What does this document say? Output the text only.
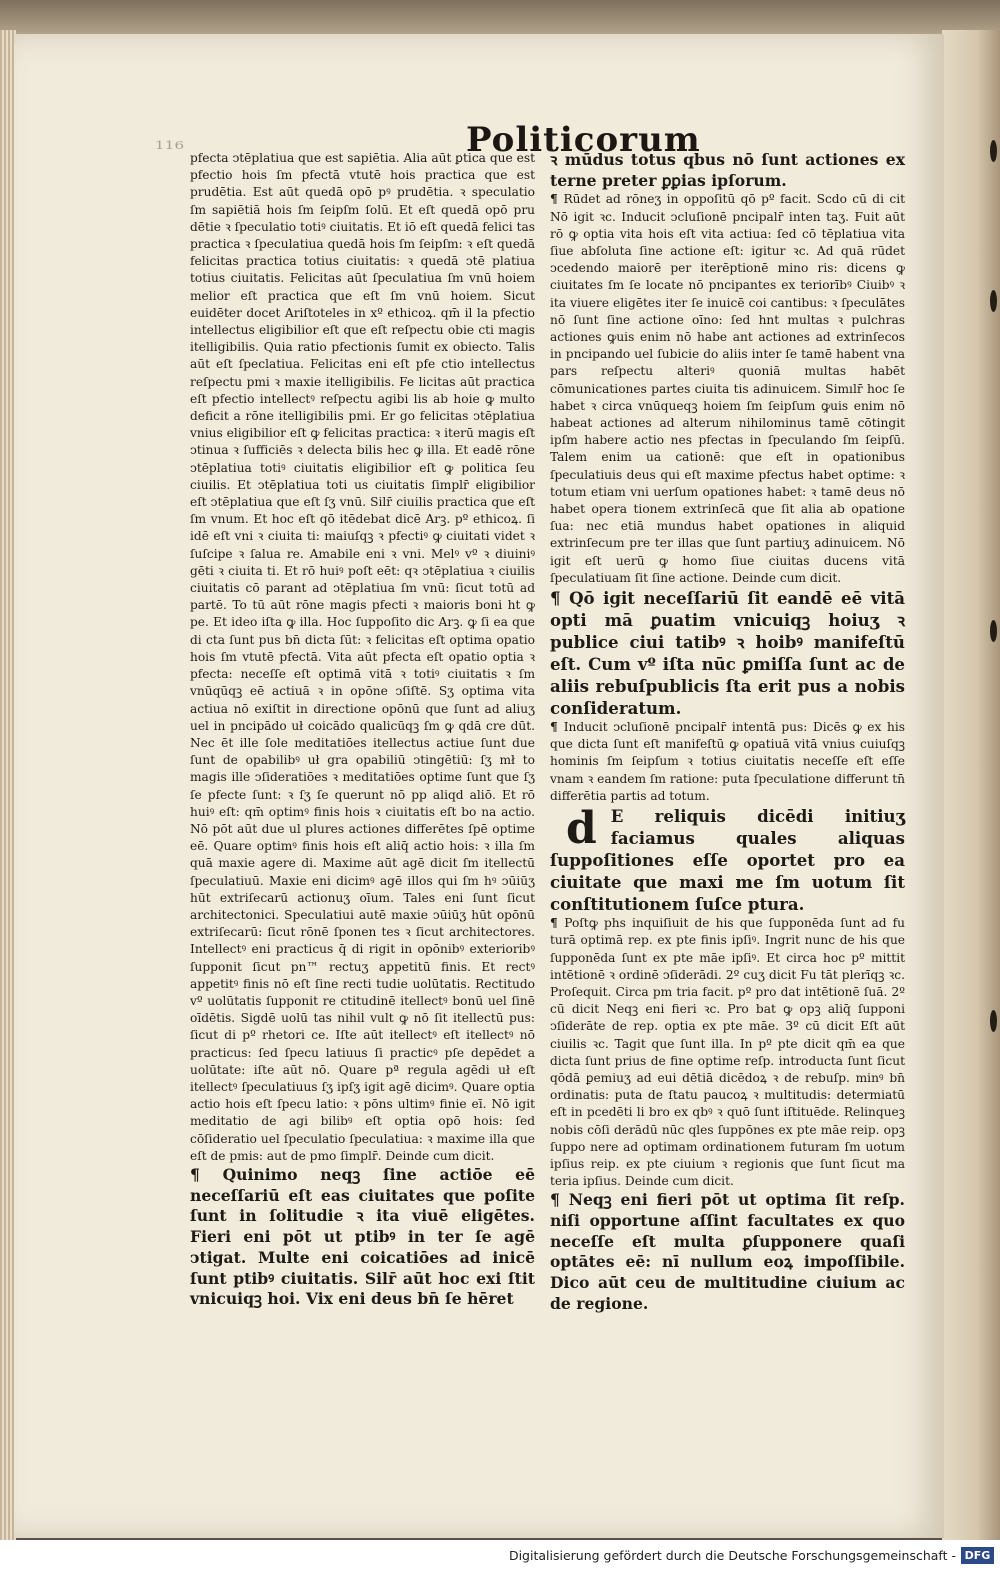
116	Politicorum

pfecta ↄtēplatiua que est sapiētia. Alia aūt ꝑtica que est pfectio hois ſm pfectā vtutē hois practica que est prudētia. Est aūt quedā opō pꝰ prudētia. ꝛ speculatio ſm sapiētiā hois ſm ſeipſm ſolū. Et eſt quedā opō pru dētie ꝛ ſpeculatio totiꝰ ciuitatis. Et iō eſt quedā felici tas practica ꝛ ſpeculatiua quedā hois ſm ſeipſm: ꝛ eſt quedā felicitas practica totius ciuitatis: ꝛ quedā ↄtē platiua totius ciuitatis. Felicitas aūt ſpeculatiua ſm vnū hoiem melior eſt practica que eſt ſm vnū hoiem. Sicut euidēter docet Ariſtoteles in xº ethicoꝝ. qm̄ il la pfectio intellectus eligibilior eſt que eſt reſpectu obie cti magis itelligibilis. Quia ratio pfectionis ſumit ex obiecto. Talis aūt eſt ſpeclatiua. Felicitas eni eſt pfe ctio intellectus reſpectu pmi ꝛ maxie itelligibilis. Fe licitas aūt practica eſt pfectio intellectꝰ reſpectu agibi lis ab hoie ꝙ multo deficit a rōne itelligibilis pmi. Er go felicitas ↄtēplatiua vnius eligibilior eſt ꝙ felicitas practica: ꝛ iterū magis eſt ↄtinua ꝛ ſufficiēs ꝛ delecta bilis hec ꝙ illa. Et eadē rōne ↄtēplatiua totiꝰ ciuitatis eligibilior eſt ꝙ politica ſeu ciuilis. Et ↄtēplatiua toti us ciuitatis ſimplr̄ eligibilior eſt ↄtēplatiua que eſt ſʒ vnū. Silr̄ ciuilis practica que eſt ſm vnum. Et hoc eſt qō itēdebat dicē Arꝫ. pº ethicoꝝ. ſi idē eſt vni ꝛ ciuita ti: maiuſqꝫ ꝛ pfectiꝰ ꝙ ciuitati videt ꝛ ſuſcipe ꝛ ſalua re. Amabile eni ꝛ vni. Melꝰ vº ꝛ diuiniꝰ gēti ꝛ ciuita ti. Et rō huiꝰ poſt eēt: qꝛ ↄtēplatiua ꝛ ciuilis ciuitatis cō parant ad ↄtēplatiua ſm vnū: ſicut totū ad partē. To tū aūt rōne magis pfecti ꝛ maioris boni ht ꝙ pe. Et ideo iſta ꝙ illa. Hoc ſuppoſito dic Arꝫ. ꝙ ſi ea que di cta ſunt pus bn̄ dicta ſūt: ꝛ felicitas eſt optima opatio hois ſm vtutē pfectā. Vita aūt pfecta eſt opatio optia ꝛ pfecta: neceſſe eſt optimā vitā ꝛ totiꝰ ciuitatis ꝛ ſm vnūqūqꝫ eē actiuā ꝛ in opōne ↄſiſtē. Sʒ optima vita actiua nō exiſtit in directione opōnū que ſunt ad aliuʒ uel in pncipādo uł coicādo qualicūqꝫ ſm ꝙ qdā cre dūt. Nec ēt ille ſole meditatiōes itellectus actiue ſunt due ſunt de opabilibꝰ uł gra opabiliū ↄtingētiū: ſʒ mł to magis ille ↄſideratiōes ꝛ meditatiōes optime ſunt que ſʒ ſe pfecte ſunt: ꝛ ſʒ ſe querunt nō pp aliqd aliō. Et rō huiꝰ eſt: qm̄ optimꝰ finis hois ꝛ ciuitatis eſt bo na actio. Nō pōt aūt due ul plures actiones differētes ſpē optime eē. Quare optimꝰ finis hois eſt aliq̄ actio hois: ꝛ illa ſm quā maxie agere di. Maxime aūt agē dicit ſm itellectū ſpeculatiuū. Maxie eni dicimꝰ agē illos qui ſm hꝰ ↄūiūʒ hūt extriſecarū actionuʒ oīum. Tales eni ſunt ſicut architectonici. Speculatiui autē maxie ↄūiūʒ hūt opōnū extriſecarū: ſicut rōnē ſponen tes ꝛ ſicut architectores. Intellectꝰ eni practicus q̄ di rigit in opōnibꝰ exterioribꝰ ſupponit ſicut pn™ rectuʒ appetitū finis. Et rectꝰ appetitꝰ finis nō eſt ſine recti tudie uolūtatis. Rectitudo vº uolūtatis ſupponit re ctitudinē itellectꝰ bonū uel ſinē oīdētis. Sigdē uolū tas nihil vult ꝙ nō ſit itellectū pus: ſicut di pº rhetori ce. Iſte aūt itellectꝰ eſt itellectꝰ nō practicus: ſed ſpecu latiuus ſi practicꝰ pſe depēdet a uolūtate: iſte aūt nō. Quare pª regula agēdi uł eſt itellectꝰ ſpeculatiuus ſʒ ipſʒ igit agē dicimꝰ. Quare optia actio hois eſt ſpecu latio: ꝛ pōns ultimꝰ finie eī. Nō igit meditatio de agi bilibꝰ eſt optia opō hois: ſed cōſideratio uel ſpeculatio ſpeculatiua: ꝛ maxime illa que eſt de pmis: aut de pmo ſimplr̄. Deinde cum dicit.

¶ Quinimo neqꝫ ſine actiōe eē neceſſariū eſt eas ciuitates que poſite ſunt in ſolitudie ꝛ ita viuē eligētes. Fieri eni pōt ut ptibꝰ in ter ſe agē ↄtigat. Multe eni coicatiōes ad inicē ſunt ptibꝰ ciuitatis. Silr̄ aūt hoc exi ſtit vnicuiqꝫ hoi. Vix eni deus bn̄ ſe hēret

ꝛ mūdus totus qbus nō ſunt actiones ex terne preter ꝑꝑias ipſorum.

¶ Rūdet ad rōneʒ in oppoſitū qō pº facit. Scdo cū di cit Nō igit ꝛc. Inducit ↄcluſionē pncipalr̄ inten taʒ. Fuit aūt rō ꝙ optia vita hois eſt vita actiua: ſed cō tēplatiua vita ſiue abſoluta ſine actione eſt: igitur ꝛc. Ad quā rūdet ↄcedendo maiorē per iterēptionē mino ris: dicens ꝙ ciuitates ſm ſe locate nō pncipantes ex teriorībꝰ Ciuibꝰ ꝛ ita viuere eligētes iter ſe inuicē coi cantibus: ꝛ ſpeculātes nō ſunt ſine actione oīno: ſed hnt multas ꝛ pulchras actiones ꝙuis enim nō habe ant actiones ad extrinſecos in pncipando uel ſubicie do aliis inter ſe tamē habent vna pars reſpectu alteriꝰ quoniā multas habēt cōmunicationes partes ciuita tis adinuicem. Simılr̄ hoc ſe habet ꝛ circa vnūqueqꝫ hoiem ſm ſeipſum ꝙuis enim nō habeat actiones ad alterum nihilominus tamē cōtingit ipſm habere actio nes pfectas in ſpeculando ſm ſeipſū. Talem enim ua cationē: que eſt in opationibus ſpeculatiuis deus qui eſt maxime pfectus habet optime: ꝛ totum etiam vni uerſum opationes habet: ꝛ tamē deus nō habet opera tionem extrinſecā que ſit alia ab opatione ſua: nec etiā mundus habet opationes in aliquid extrinſecum pre ter illas que ſunt partiuʒ adinuicem. Nō igit eſt uerū ꝙ homo ſiue ciuitas ducens vitā ſpeculatiuam ſit ſine actione. Deinde cum dicit.

¶ Qō igit neceſſariū ſit eandē eē vitā opti mā ꝑuatim vnicuiqꝫ hoiuʒ ꝛ publice ciui tatibꝰ ꝛ hoibꝰ manifeſtū eſt. Cum vº iſta nūc ꝑmiſſa ſunt ac de aliis rebuſpublicis ſta erit pus a nobis conſideratum.

¶ Inducit ↄcluſionē pncipalr̄ intentā pus: Dicēs ꝙ ex his que dicta ſunt eſt manifeſtū ꝙ opatiuā vitā vnius cuiuſqꝫ hominis ſm ſeipſum ꝛ totius ciuitatis neceſſe eſt eſſe vnam ꝛ eandem ſm ratione: puta ſpeculatione differunt tn̄ differētia partis ad totum.

d E reliquis dicēdi initiuʒ faciamus quales aliquas ſuppoſitiones eſſe oportet pro ea ciuitate que maxi me ſm uotum ſit conſtitutionem ſuſce ptura.

¶ Poſtꝙ phs inquiſiuit de his que ſupponēda ſunt ad fu turā optimā rep. ex pte finis ipſiꝰ. Ingrit nunc de his que ſupponēda ſunt ex pte māe ipſiꝰ. Et circa hoc pº mittit intētionē ꝛ ordinē ↄſiderādi. 2º cuʒ dicit Fu tāt plerīqꝫ ꝛc. Proſequit. Circa pm tria facit. pº pro dat intētionē ſuā. 2º cū dicit Neqꝫ eni fieri ꝛc. Pro bat ꝙ opꝫ aliq̄ ſupponi ↄſiderāte de rep. optia ex pte māe. 3º cū dicit Eſt aūt ciuilis ꝛc. Tagit que ſunt illa. In pº pte dicit qm̄ ea que dicta ſunt prius de fine optime reſp. introducta ſunt ſicut qōdā ꝑemiuʒ ad eui dētiā dicēdoꝝ ꝛ de rebuſp. minꝰ bn̄ ordinatis: puta de ſtatu paucoꝝ ꝛ multitudis: determiatū eſt in pcedēti li bro ex qbꝰ ꝛ quō ſunt iſtituēde. Relinqueꝫ nobis cōſi derādū nūc qles ſuppōnes ex pte māe reip. opꝫ ſuppo nere ad optimam ordinationem futuram ſm uotum ipſius reip. ex pte ciuium ꝛ regionis que ſunt ſicut ma teria ipſius. Deinde cum dicit.

¶ Neqꝫ eni fieri pōt ut optima ſit reſp. niſi opportune aſſint facultates ex quo neceſſe eſt multa ꝑſupponere quaſi optātes eē: nī nullum eoꝝ impoſſibile. Dico aūt ceu de multitudine ciuium ac de regione.

Digitalisierung gefördert durch die Deutsche Forschungsgemeinschaft - DFG
